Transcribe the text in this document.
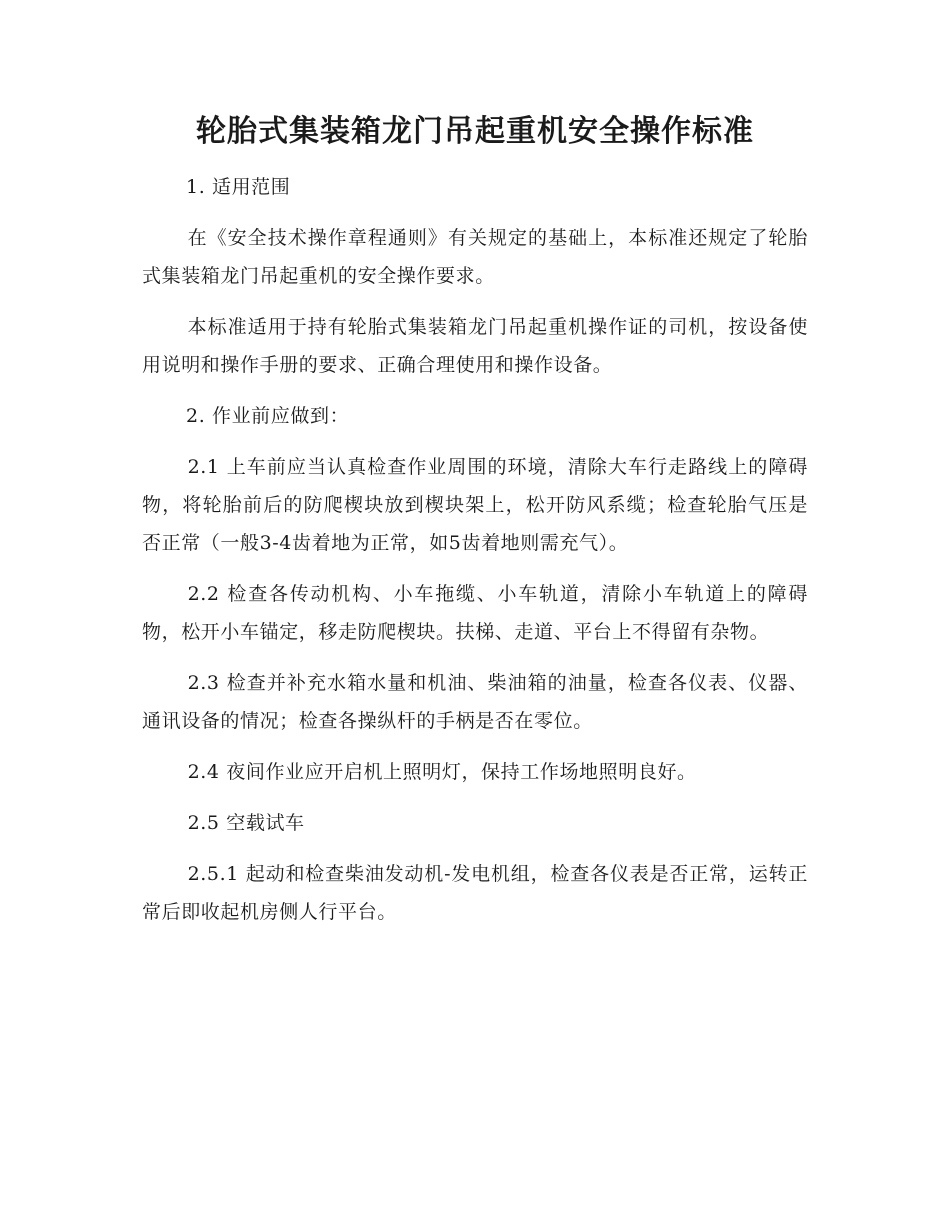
轮胎式集装箱龙门吊起重机安全操作标准

1. 适用范围

在《安全技术操作章程通则》有关规定的基础上，本标准还规定了轮胎式集装箱龙门吊起重机的安全操作要求。

本标准适用于持有轮胎式集装箱龙门吊起重机操作证的司机，按设备使用说明和操作手册的要求、正确合理使用和操作设备。

2. 作业前应做到：

2.1 上车前应当认真检查作业周围的环境，清除大车行走路线上的障碍物，将轮胎前后的防爬楔块放到楔块架上，松开防风系缆；检查轮胎气压是否正常（一般3-4齿着地为正常，如5齿着地则需充气）。

2.2 检查各传动机构、小车拖缆、小车轨道，清除小车轨道上的障碍物，松开小车锚定，移走防爬楔块。扶梯、走道、平台上不得留有杂物。

2.3 检查并补充水箱水量和机油、柴油箱的油量，检查各仪表、仪器、通讯设备的情况；检查各操纵杆的手柄是否在零位。

2.4 夜间作业应开启机上照明灯，保持工作场地照明良好。

2.5 空载试车

2.5.1 起动和检查柴油发动机-发电机组，检查各仪表是否正常，运转正常后即收起机房侧人行平台。
